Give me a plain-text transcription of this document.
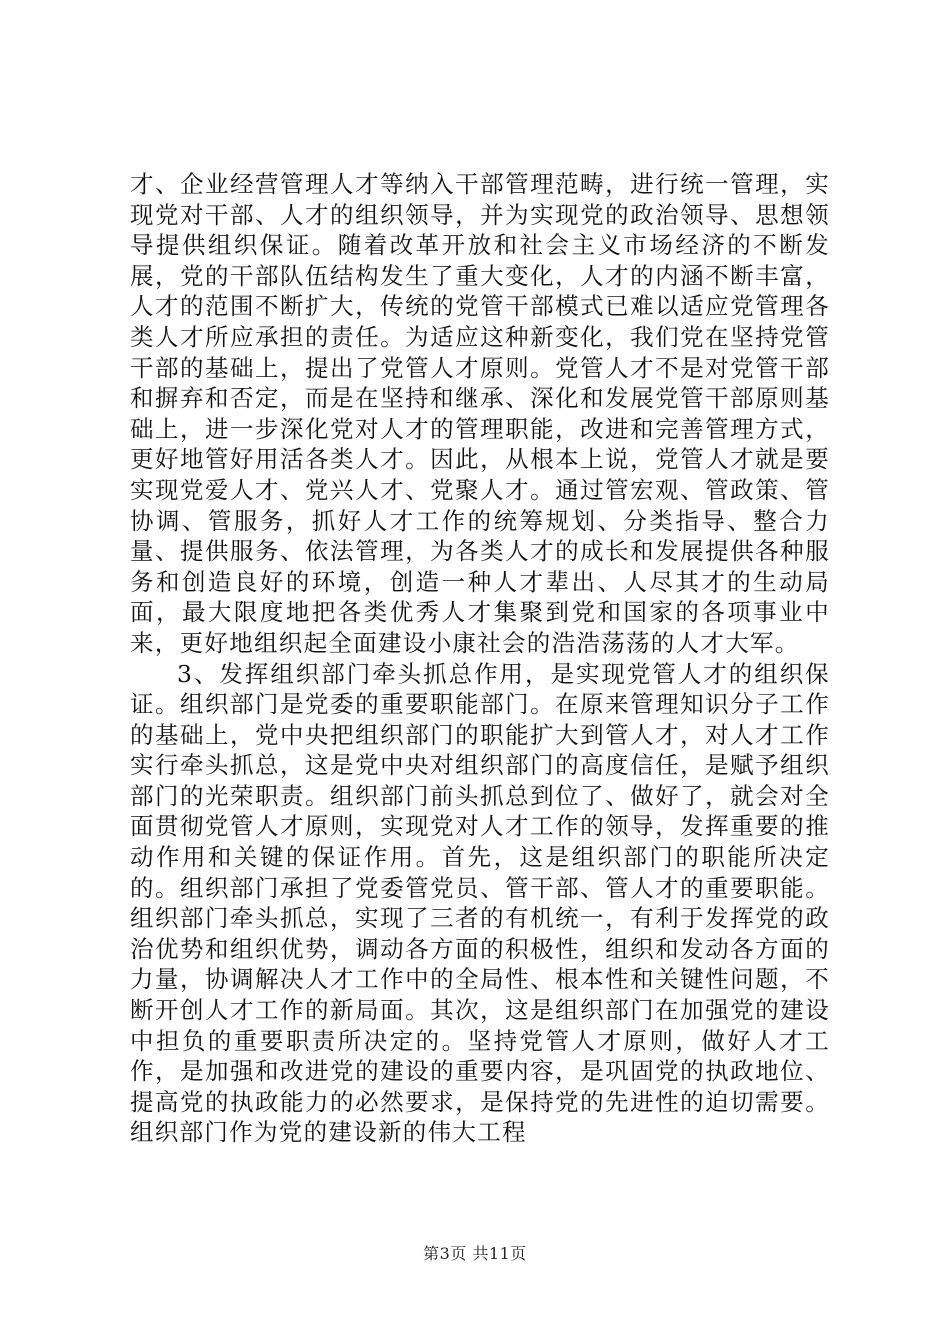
才、企业经营管理人才等纳入干部管理范畴，进行统一管理，实现党对干部、人才的组织领导，并为实现党的政治领导、思想领导提供组织保证。随着改革开放和社会主义市场经济的不断发展，党的干部队伍结构发生了重大变化，人才的内涵不断丰富，人才的范围不断扩大，传统的党管干部模式已难以适应党管理各类人才所应承担的责任。为适应这种新变化，我们党在坚持党管干部的基础上，提出了党管人才原则。党管人才不是对党管干部和摒弃和否定，而是在坚持和继承、深化和发展党管干部原则基础上，进一步深化党对人才的管理职能，改进和完善管理方式，更好地管好用活各类人才。因此，从根本上说，党管人才就是要实现党爱人才、党兴人才、党聚人才。通过管宏观、管政策、管协调、管服务，抓好人才工作的统筹规划、分类指导、整合力量、提供服务、依法管理，为各类人才的成长和发展提供各种服务和创造良好的环境，创造一种人才辈出、人尽其才的生动局面，最大限度地把各类优秀人才集聚到党和国家的各项事业中来，更好地组织起全面建设小康社会的浩浩荡荡的人才大军。

3、发挥组织部门牵头抓总作用，是实现党管人才的组织保证。组织部门是党委的重要职能部门。在原来管理知识分子工作的基础上，党中央把组织部门的职能扩大到管人才，对人才工作实行牵头抓总，这是党中央对组织部门的高度信任，是赋予组织部门的光荣职责。组织部门前头抓总到位了、做好了，就会对全面贯彻党管人才原则，实现党对人才工作的领导，发挥重要的推动作用和关键的保证作用。首先，这是组织部门的职能所决定的。组织部门承担了党委管党员、管干部、管人才的重要职能。组织部门牵头抓总，实现了三者的有机统一，有利于发挥党的政治优势和组织优势，调动各方面的积极性，组织和发动各方面的力量，协调解决人才工作中的全局性、根本性和关键性问题，不断开创人才工作的新局面。其次，这是组织部门在加强党的建设中担负的重要职责所决定的。坚持党管人才原则，做好人才工作，是加强和改进党的建设的重要内容，是巩固党的执政地位、提高党的执政能力的必然要求，是保持党的先进性的迫切需要。组织部门作为党的建设新的伟大工程

第3页 共11页
